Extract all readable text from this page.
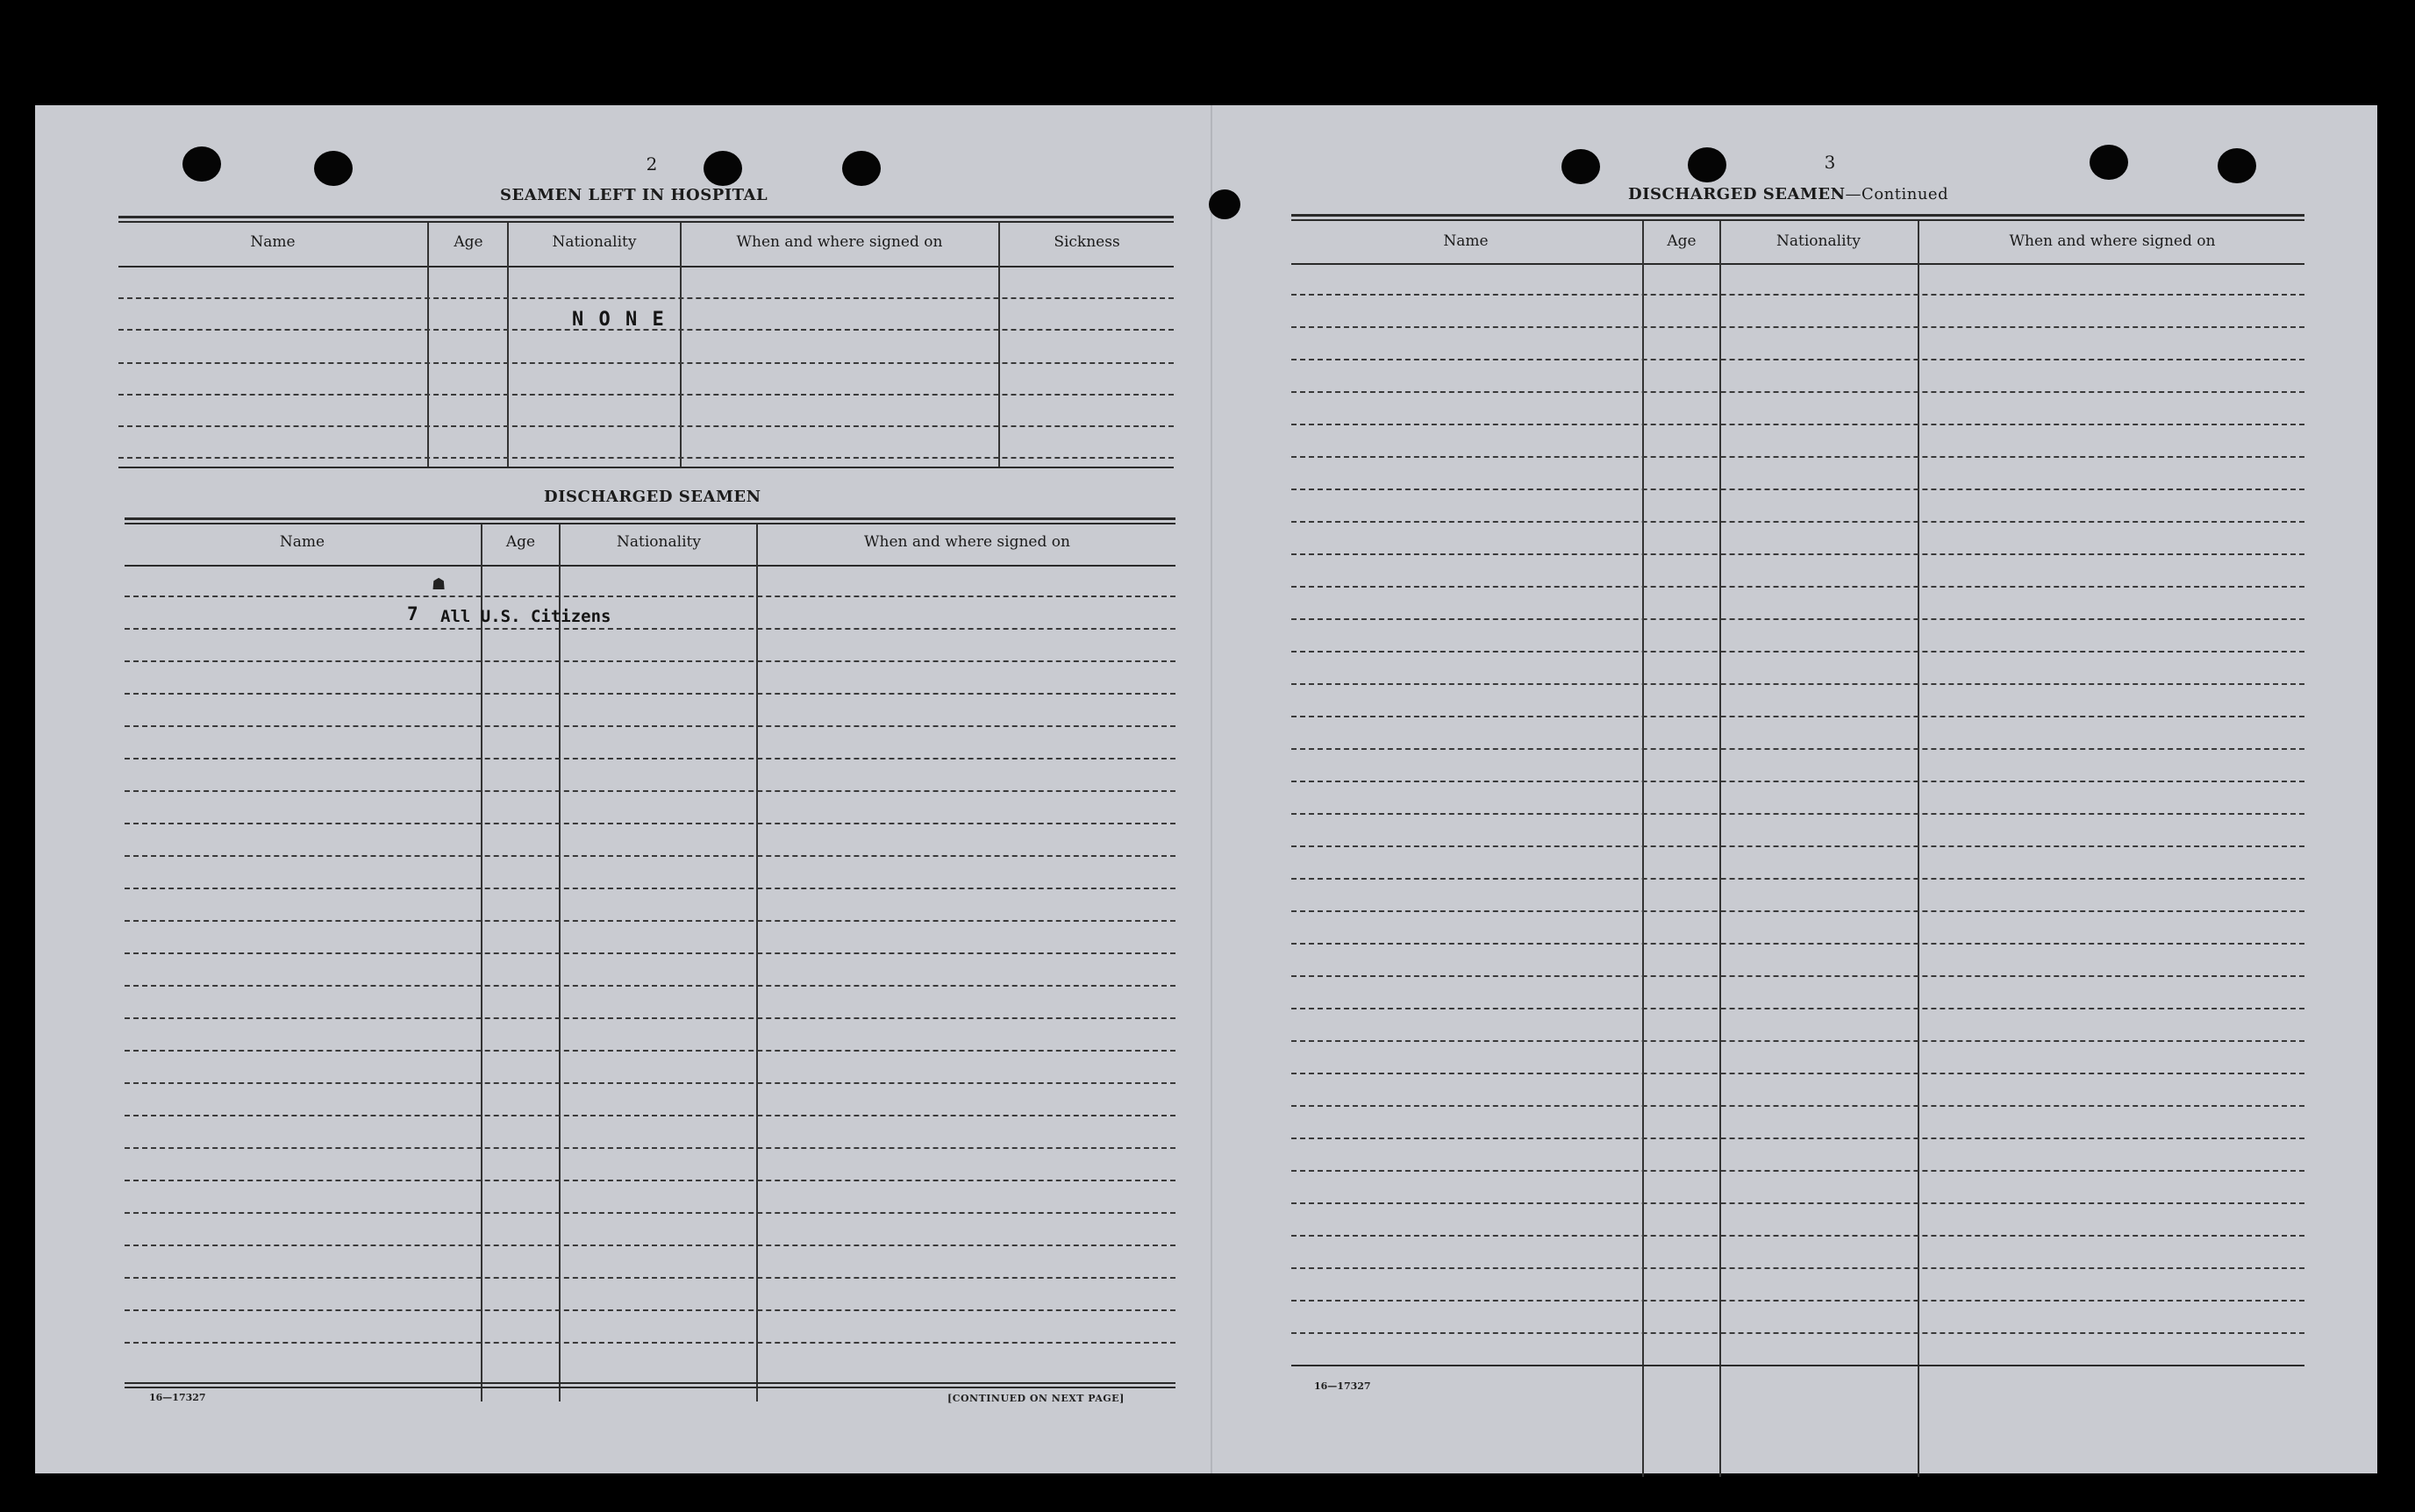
2
SEAMEN LEFT IN HOSPITAL
Name	Age	Nationality	When and where signed on	Sickness
N O N E
DISCHARGED SEAMEN
Name	Age	Nationality	When and where signed on
☗
7 All U.S. Citizens
16—17327	[CONTINUED ON NEXT PAGE]
3
DISCHARGED SEAMEN—Continued
Name	Age	Nationality	When and where signed on
16—17327
